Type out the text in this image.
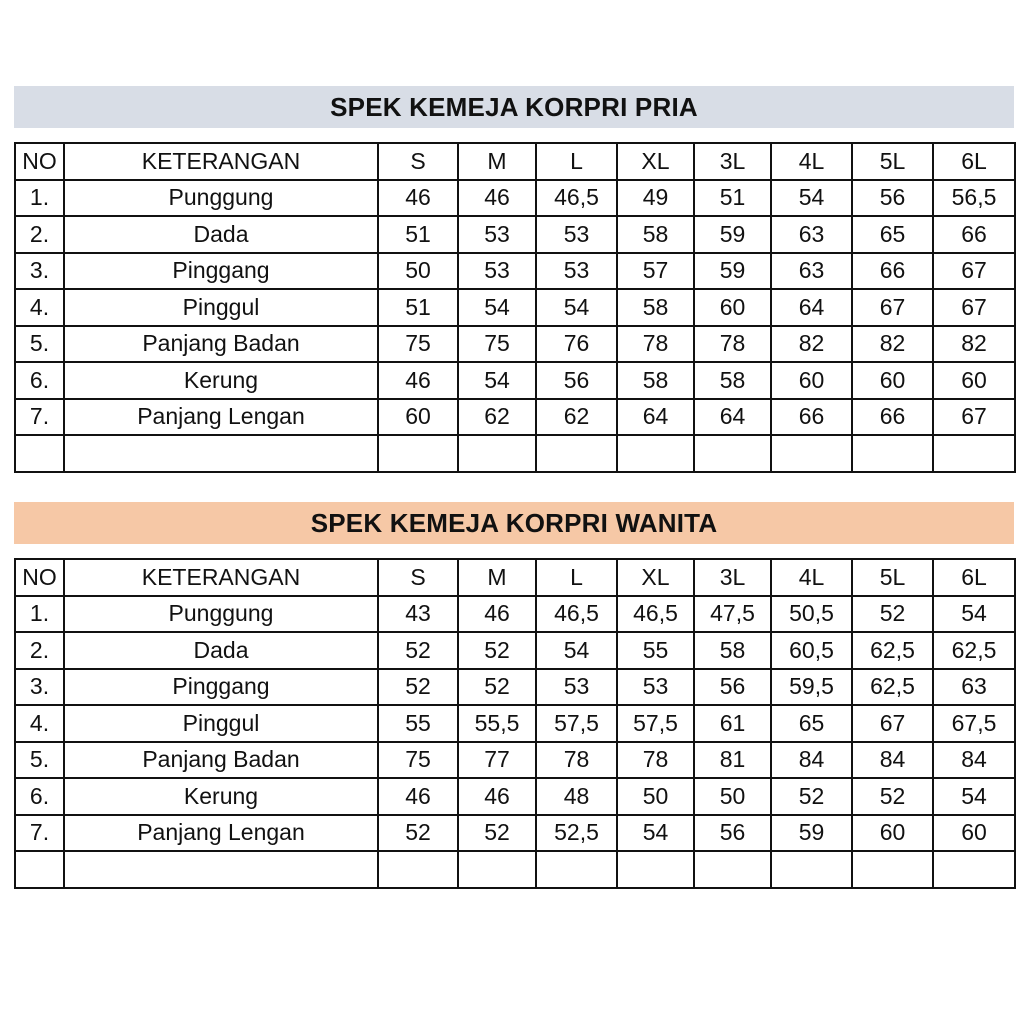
SPEK KEMEJA KORPRI PRIA
NO	KETERANGAN	S	M	L	XL	3L	4L	5L	6L
1.	Punggung	46	46	46,5	49	51	54	56	56,5
2.	Dada	51	53	53	58	59	63	65	66
3.	Pinggang	50	53	53	57	59	63	66	67
4.	Pinggul	51	54	54	58	60	64	67	67
5.	Panjang Badan	75	75	76	78	78	82	82	82
6.	Kerung	46	54	56	58	58	60	60	60
7.	Panjang Lengan	60	62	62	64	64	66	66	67

SPEK KEMEJA KORPRI WANITA
NO	KETERANGAN	S	M	L	XL	3L	4L	5L	6L
1.	Punggung	43	46	46,5	46,5	47,5	50,5	52	54
2.	Dada	52	52	54	55	58	60,5	62,5	62,5
3.	Pinggang	52	52	53	53	56	59,5	62,5	63
4.	Pinggul	55	55,5	57,5	57,5	61	65	67	67,5
5.	Panjang Badan	75	77	78	78	81	84	84	84
6.	Kerung	46	46	48	50	50	52	52	54
7.	Panjang Lengan	52	52	52,5	54	56	59	60	60
